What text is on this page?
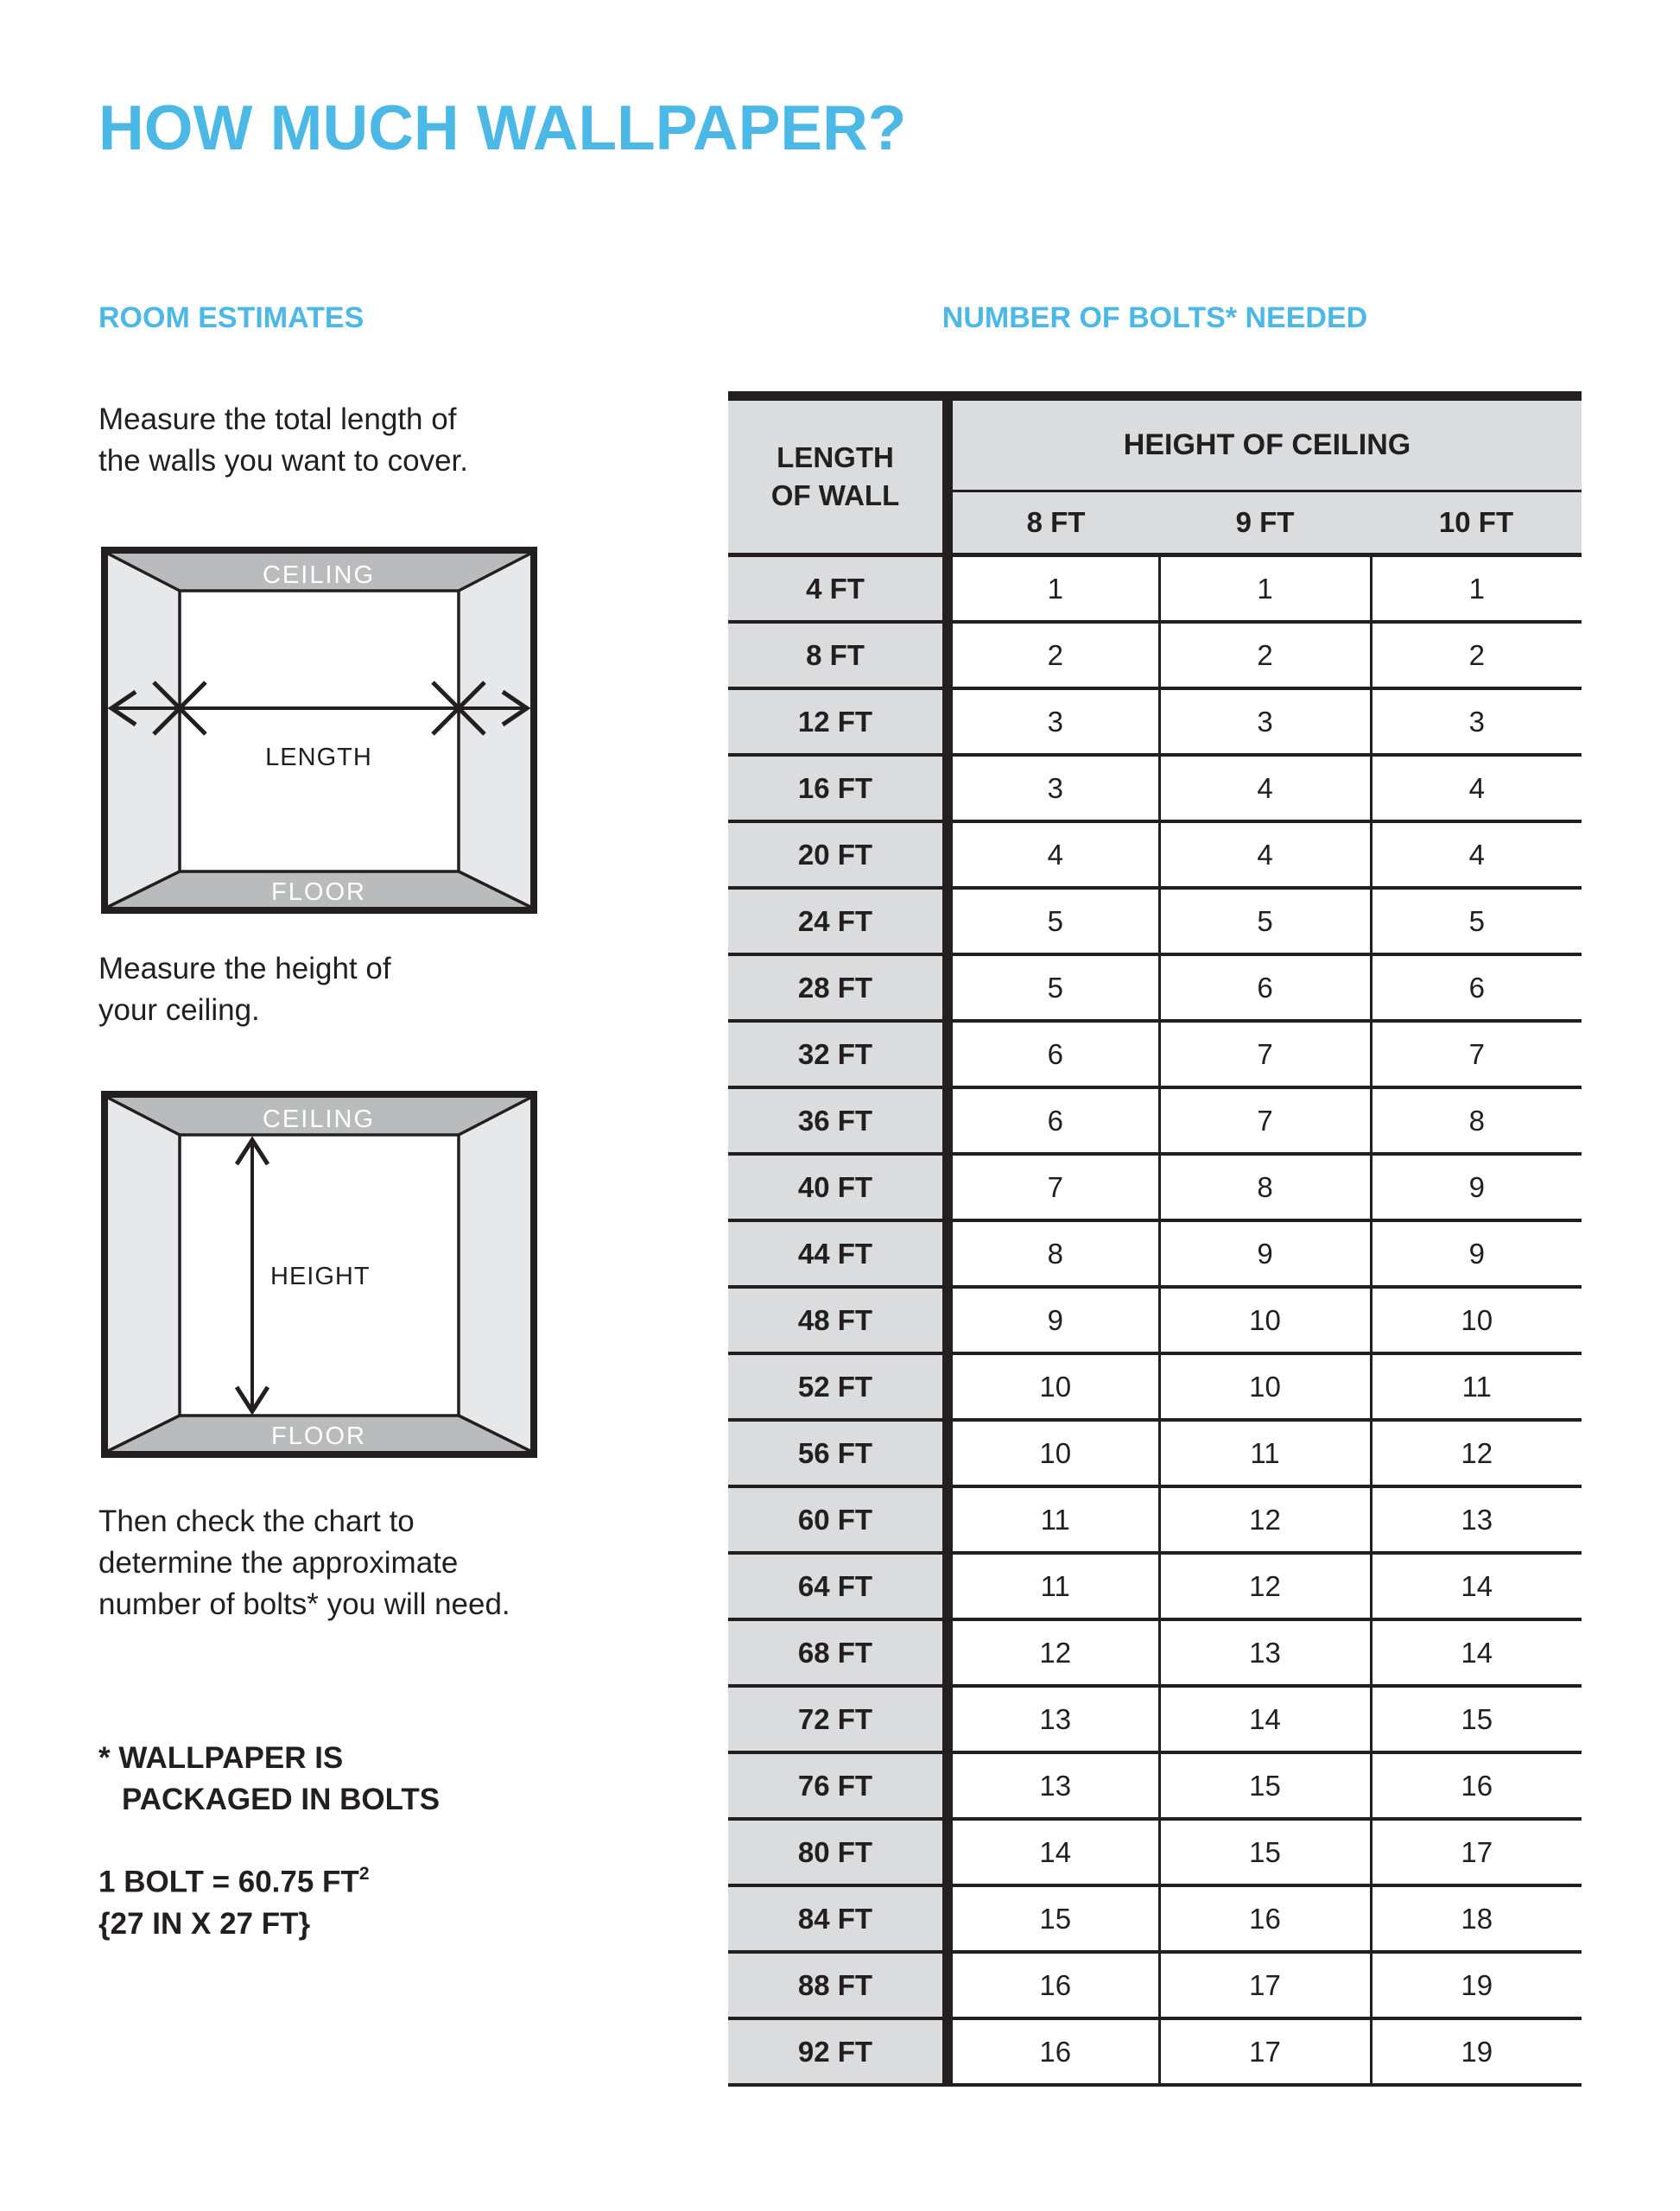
HOW MUCH WALLPAPER?
ROOM ESTIMATES
Measure the total length of
the walls you want to cover.
CEILING
LENGTH
FLOOR
Measure the height of
your ceiling.
CEILING
HEIGHT
FLOOR
Then check the chart to
determine the approximate
number of bolts* you will need.
* WALLPAPER IS
PACKAGED IN BOLTS
1 BOLT = 60.75 $FT^2$
{27 IN X 27 FT}
NUMBER OF BOLTS* NEEDED
LENGTH OF WALL	HEIGHT OF CEILING		
	8 FT	9 FT	10 FT
4 FT	1	1	1
8 FT	2	2	2
12 FT	3	3	3
16 FT	3	4	4
20 FT	4	4	4
24 FT	5	5	5
28 FT	5	6	6
32 FT	6	7	7
36 FT	6	7	8
40 FT	7	8	9
44 FT	8	9	9
48 FT	9	10	10
52 FT	10	10	11
56 FT	10	11	12
60 FT	11	12	13
64 FT	11	12	14
68 FT	12	13	14
72 FT	13	14	15
76 FT	13	15	16
80 FT	14	15	17
84 FT	15	16	18
88 FT	16	17	19
92 FT	16	17	19
